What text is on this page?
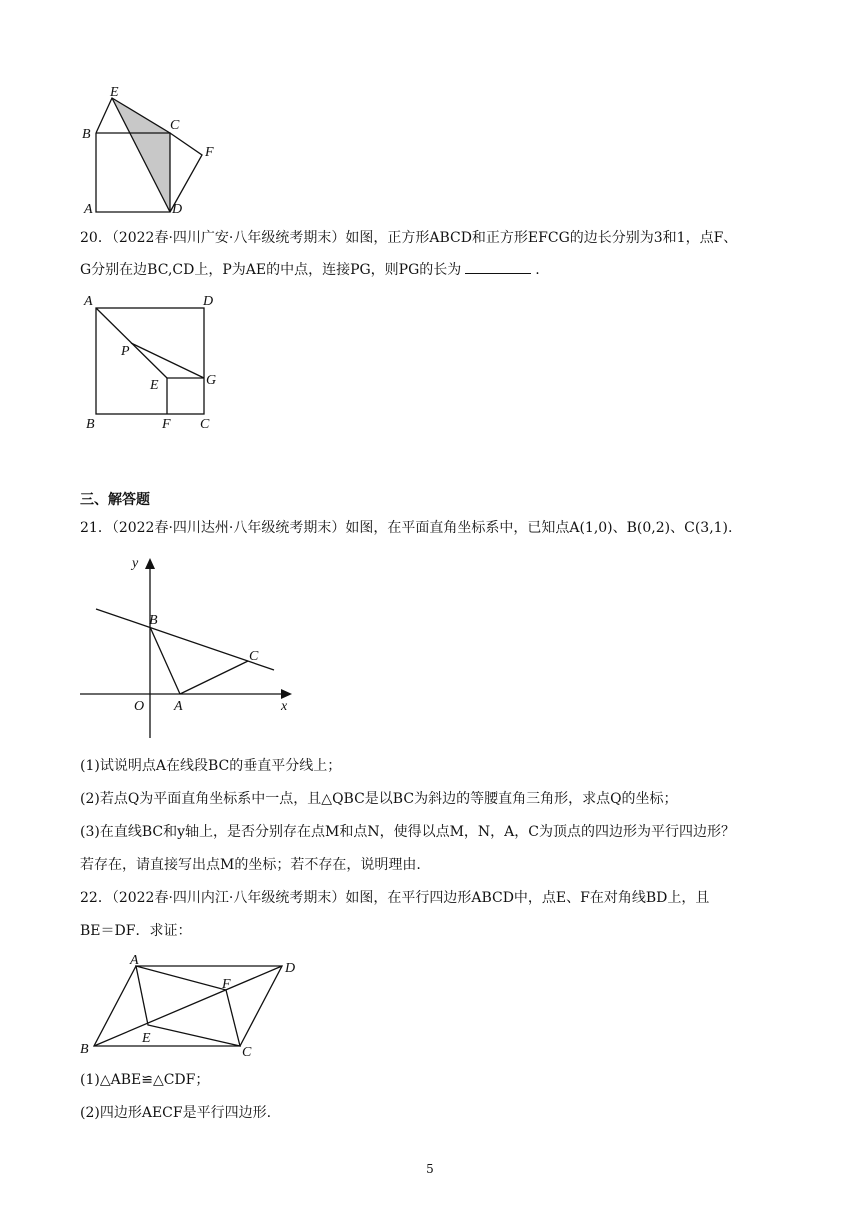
E
B
C
F
A	D
20．（2022春·四川广安·八年级统考期末）如图，正方形ABCD和正方形EFCG的边长分别为3和1，点F、
G分别在边BC,CD上，P为AE的中点，连接PG，则PG的长为	.
A	D
P
E	G
B	F C
三、解答题
21．（2022春·四川达州·八年级统考期末）如图，在平面直角坐标系中，已知点A(1,0)、B(0,2)、C(3,1).
y
B
C
O A	x
(1)试说明点A在线段BC的垂直平分线上；
(2)若点Q为平面直角坐标系中一点，且△QBC是以BC为斜边的等腰直角三角形，求点Q的坐标；
(3)在直线BC和y轴上，是否分别存在点M和点N，使得以点M，N，A，C为顶点的四边形为平行四边形？
若存在，请直接写出点M的坐标；若不存在，说明理由.
22．（2022春·四川内江·八年级统考期末）如图，在平行四边形ABCD中，点E、F在对角线BD上，且
BE＝DF．求证：
A
D
F
E
B	C
(1)△ABE≌△CDF；
(2)四边形AECF是平行四边形.
5
